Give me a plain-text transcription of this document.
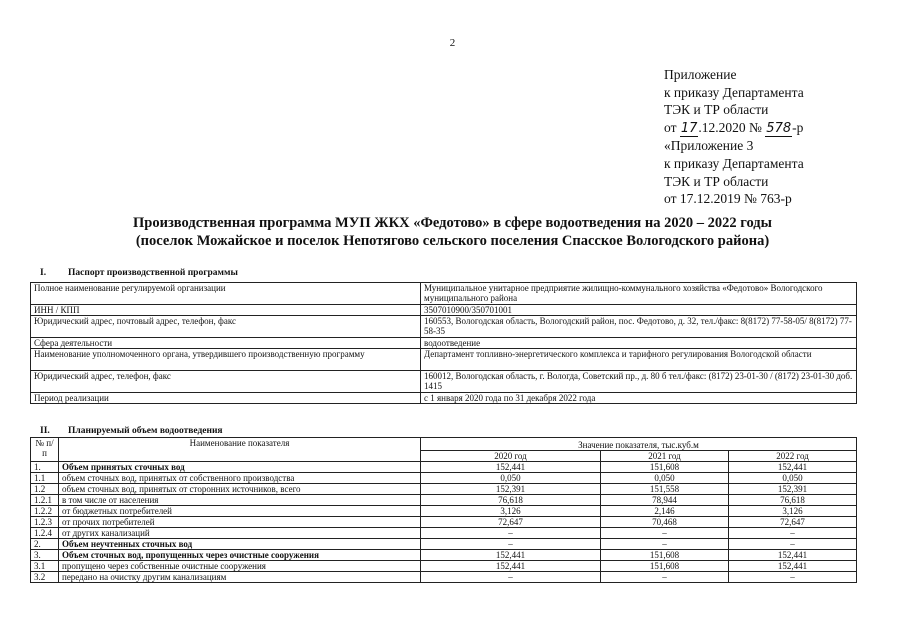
2
Приложение
к приказу Департамента
ТЭК и ТР области
от 17.12.2020 № 578-р
«Приложение 3
к приказу Департамента
ТЭК и ТР области
от 17.12.2019 № 763-р
Производственная программа МУП ЖКХ «Федотово» в сфере водоотведения на 2020 – 2022 годы
(поселок Можайское и поселок Непотягово сельского поселения Спасское Вологодского района)
I. Паспорт производственной программы
Полное наименование регулируемой организации	Муниципальное унитарное предприятие жилищно-коммунального хозяйства «Федотово» Вологодского муниципального района
ИНН / КПП	3507010900/350701001
Юридический адрес, почтовый адрес, телефон, факс	160553, Вологодская область, Вологодский район, пос. Федотово, д. 32, тел./факс: 8(8172) 77-58-05/ 8(8172) 77-58-35
Сфера деятельности	водоотведение
Наименование уполномоченного органа, утвердившего производственную программу	Департамент топливно-энергетического комплекса и тарифного регулирования Вологодской области
Юридический адрес, телефон, факс	160012, Вологодская область, г. Вологда, Советский пр., д. 80 б тел./факс: (8172) 23-01-30 / (8172) 23-01-30 доб. 1415
Период реализации	с 1 января 2020 года по 31 декабря 2022 года
II. Планируемый объем водоотведения
№ п/п	Наименование показателя	Значение показателя, тыс.куб.м		
		2020 год	2021 год	2022 год
1.	Объем принятых сточных вод	152,441	151,608	152,441
1.1	объем сточных вод, принятых от собственного производства	0,050	0,050	0,050
1.2	объем сточных вод, принятых от сторонних источников, всего	152,391	151,558	152,391
1.2.1	в том числе от населения	76,618	78,944	76,618
1.2.2	от бюджетных потребителей	3,126	2,146	3,126
1.2.3	от прочих потребителей	72,647	70,468	72,647
1.2.4	от других канализаций	–	–	–
2.	Объем неучтенных сточных вод	–	–	–
3.	Объем сточных вод, пропущенных через очистные сооружения	152,441	151,608	152,441
3.1	пропущено через собственные очистные сооружения	152,441	151,608	152,441
3.2	передано на очистку другим канализациям	–	–	–
